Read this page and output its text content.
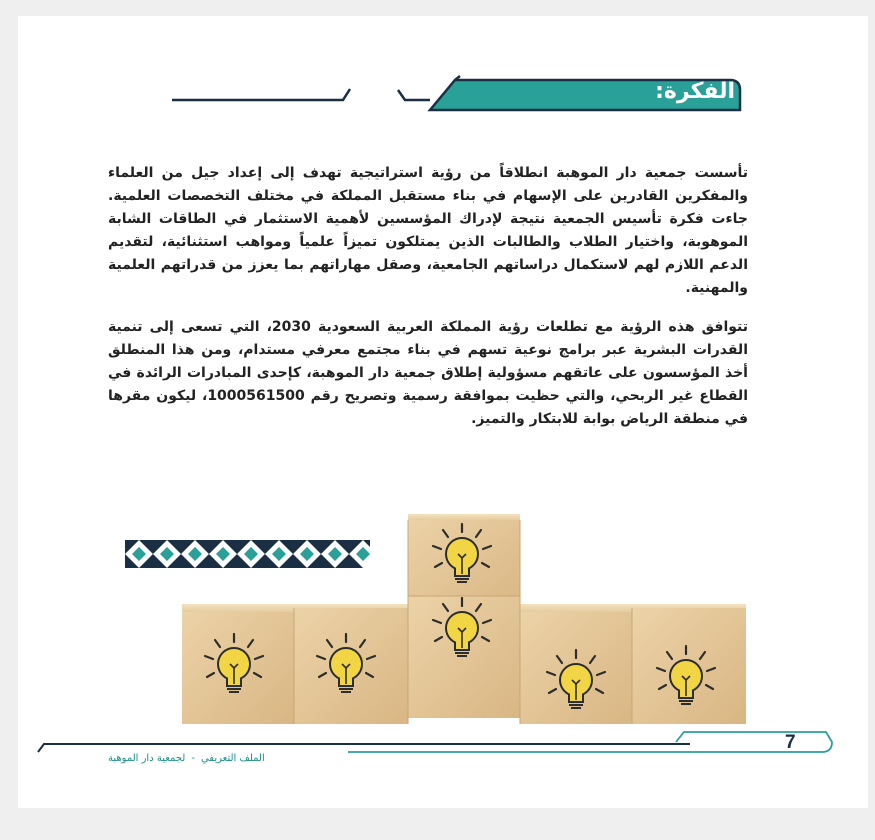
الفكرة:

تأسست جمعية دار الموهبة انطلاقاً من رؤية استراتيجية تهدف إلى إعداد جيل من العلماء والمفكرين القادرين على الإسهام في بناء مستقبل المملكة في مختلف التخصصات العلمية. جاءت فكرة تأسيس الجمعية نتيجة لإدراك المؤسسين لأهمية الاستثمار في الطاقات الشابة الموهوبة، واختيار الطلاب والطالبات الذين يمتلكون تميزاً علمياً ومواهب استثنائية، لتقديم الدعم اللازم لهم لاستكمال دراساتهم الجامعية، وصقل مهاراتهم بما يعزز من قدراتهم العلمية والمهنية.

تتوافق هذه الرؤية مع تطلعات رؤية المملكة العربية السعودية 2030، التي تسعى إلى تنمية القدرات البشرية عبر برامج نوعية تسهم في بناء مجتمع معرفي مستدام، ومن هذا المنطلق أخذ المؤسسون على عاتقهم مسؤولية إطلاق جمعية دار الموهبة، كإحدى المبادرات الرائدة في القطاع غير الربحي، والتي حظيت بموافقة رسمية وتصريح رقم 1000561500، ليكون مقرها في منطقة الرياض بوابة للابتكار والتميز.

7
الملف التعريفي-لجمعية دار الموهبة
